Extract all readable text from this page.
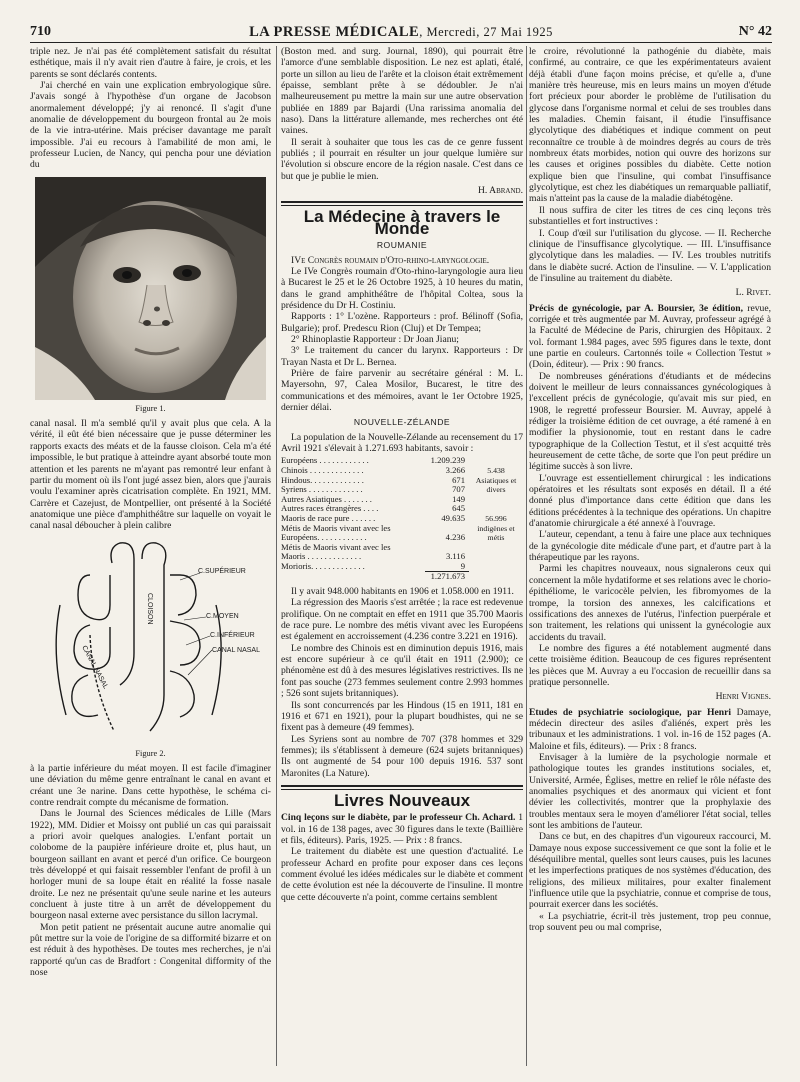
710	LA PRESSE MÉDICALE, Mercredi, 27 Mai 1925	N° 42

triple nez. Je n'ai pas été complètement satisfait du résultat esthétique, mais il n'y avait rien d'autre à faire, je crois, et les parents se sont déclarés contents.

J'ai cherché en vain une explication embryologique sûre. J'avais songé à l'hypothèse d'un organe de Jacobson anormalement développé; j'y ai renoncé. Il s'agit d'une anomalie de développement du bourgeon frontal au 2e mois de la vie intra-utérine. Mais préciser davantage me paraît impossible. J'ai eu recours à l'amabilité de mon ami, le professeur Lucien, de Nancy, qui pencha pour une déviation du

Figure 1.

canal nasal. Il m'a semblé qu'il y avait plus que cela. A la vérité, il eût été bien nécessaire que je pusse déterminer les rapports exacts des méats et de la fausse cloison. Cela m'a été impossible, le but pratique à atteindre ayant absorbé toute mon attention et les parents ne m'ayant pas remontré leur enfant à partir du moment où ils l'ont jugé assez bien, alors que j'aurais voulu l'examiner après cicatrisation complète. En 1921, MM. Carrère et Cazejust, de Montpellier, ont présenté à la Société anatomique une pièce d'amphithéâtre sur laquelle on voyait le canal nasal déboucher à plein calibre

C.SUPÉRIEUR
C.MOYEN
C.INFÉRIEUR
CANAL NASAL
CLOISON
CANAL NASAL
Figure 2.

à la partie inférieure du méat moyen. Il est facile d'imaginer une déviation du même genre entraînant le canal en avant et créant une 3e narine. Dans cette hypothèse, le schéma ci-contre rendrait compte du mécanisme de formation.

Dans le Journal des Sciences médicales de Lille (Mars 1922), MM. Didier et Moissy ont publié un cas qui paraissait a priori avoir quelques analogies. L'enfant portait un colobome de la paupière inférieure droite et, plus haut, un bourgeon saillant en avant et percé d'un orifice. Ce bourgeon très développé et qui faisait ressembler l'enfant de profil à un horloger muni de sa loupe était en réalité la fosse nasale droite. Le nez ne présentait qu'une seule narine et les auteurs concluent à juste titre à un arrêt de développement du bourgeon nasal externe avec persistance du sillon lacrymal.

Mon petit patient ne présentait aucune autre anomalie qui pût mettre sur la voie de l'origine de sa difformité bizarre et on est réduit à des hypothèses. De toutes mes recherches, je n'ai rapporté qu'un cas de Bradfort : Congenital difformity of the nose

(Boston med. and surg. Journal, 1890), qui pourrait être l'amorce d'une semblable disposition. Le nez est aplati, étalé, porte un sillon au lieu de l'arête et la cloison était extrêmement épaisse, semblant prête à se dédoubler. Je n'ai malheureusement pu mettre la main sur une autre observation publiée en 1889 par Bajardi (Una rarissima anomalia del naso). Dans la littérature allemande, mes recherches ont été vaines.

Il serait à souhaiter que tous les cas de ce genre fussent publiés ; il pourrait en résulter un jour quelque lumière sur l'évolution si obscure encore de la région nasale. C'est dans ce but que je publie le mien.

H. Abrand.
La Médecine à travers le Monde
ROUMANIE

IVe Congrès roumain d'Oto-rhino-laryngologie.

Le IVe Congrès roumain d'Oto-rhino-laryngologie aura lieu à Bucarest le 25 et le 26 Octobre 1925, à 10 heures du matin, dans le grand amphithéâtre de l'hôpital Coltea, sous la présidence du Dr H. Costiniu.

Rapports : 1° L'ozène. Rapporteurs : prof. Bélinoff (Sofia, Bulgarie); prof. Predescu Rion (Cluj) et Dr Tempea;

2° Rhinoplastie Rapporteur : Dr Joan Jianu;

3° Le traitement du cancer du larynx. Rapporteurs : Dr Trayan Nasta et Dr L. Bernea.

Prière de faire parvenir au secrétaire général : M. L. Mayersohn, 97, Calea Mosilor, Bucarest, le titre des communications et des mémoires, avant le 1er Octobre 1925, dernier délai.

NOUVELLE-ZÉLANDE

La population de la Nouvelle-Zélande au recensement du 17 Avril 1921 s'élevait à 1.271.693 habitants, savoir :

Européens . . . . . . . . . . . .	1.209.239	
Chinois . . . . . . . . . . . . .	3.266	5.438
Asiatiques et divers

Hindous. . . . . . . . . . . . .	671	
Syriens . . . . . . . . . . . . .	707	
Autres Asiatiques . . . . . . .	149	
Autres races étrangères . . . .	645	
Maoris de race pure . . . . . .	49.635	56.996
indigènes et métis

Métis de Maoris vivant avec les		
Européens. . . . . . . . . . . .	4.236	
Métis de Maoris vivant avec les		
Maoris . . . . . . . . . . . . .	3.116	
Morioris. . . . . . . . . . . . .	9	
	1.271.673	

Il y avait 948.000 habitants en 1906 et 1.058.000 en 1911.

La régression des Maoris s'est arrêtée ; la race est redevenue prolifique. On ne comptait en effet en 1911 que 35.700 Maoris de race pure. Le nombre des métis vivant avec les Européens est également en accroissement (4.236 contre 3.221 en 1916).

Le nombre des Chinois est en diminution depuis 1916, mais est encore supérieur à ce qu'il était en 1911 (2.900); ce phénomène est dû à des mesures législatives restrictives. Ils ne font pas souche (273 femmes seulement contre 2.993 hommes ; 526 sont sujets britanniques).

Ils sont concurrencés par les Hindous (15 en 1911, 181 en 1916 et 671 en 1921), pour la plupart boudhistes, qui ne se fixent pas à demeure (49 femmes).

Les Syriens sont au nombre de 707 (378 hommes et 329 femmes); ils s'établissent à demeure (624 sujets britanniques) Ils ont augmenté de 54 pour 100 depuis 1916. 537 sont Maronites (La Nature).

Livres Nouveaux

Cinq leçons sur le diabète, par le professeur Ch. Achard. 1 vol. in 16 de 138 pages, avec 30 figures dans le texte (Baillière et fils, éditeurs). Paris, 1925. — Prix : 8 francs.

Le traitement du diabète est une question d'actualité. Le professeur Achard en profite pour exposer dans ces leçons comment évolué les idées médicales sur le diabète et comment de cette évolution est née la découverte de l'insuline. Il montre que cette découverte n'a point, comme certains semblent

le croire, révolutionné la pathogénie du diabète, mais confirmé, au contraire, ce que les expérimentateurs avaient déjà établi d'une façon moins précise, et qu'elle a, d'une manière très heureuse, mis en leurs mains un moyen d'étude fort précieux pour aborder le problème de l'utilisation du glycose dans l'organisme normal et celui de ses troubles dans les maladies. Chemin faisant, il étudie l'insuffisance glycolytique des diabétiques et indique comment on peut reconnaître ce trouble à de moindres degrés au cours de très nombreux états morbides, notion qui ouvre des horizons sur les causes et origines possibles du diabète. Cette notion explique bien que l'insuline, qui combat l'insuffisance glycolytique, est chez les diabétiques un remarquable palliatif, mais n'atteint pas la cause de la maladie diabétogène.

Il nous suffira de citer les titres de ces cinq leçons très substantielles et fort instructives :

I. Coup d'œil sur l'utilisation du glycose. — II. Recherche clinique de l'insuffisance glycolytique. — III. L'insuffisance glycolytique dans les maladies. — IV. Les troubles nutritifs dans le diabète sucré. Action de l'insuline. — V. L'application de l'insuline au traitement du diabète.

L. Rivet.

Précis de gynécologie, par A. Boursier, 3e édition, revue, corrigée et très augmentée par M. Auvray, professeur agrégé à la Faculté de Médecine de Paris, chirurgien des Hôpitaux. 2 vol. formant 1.984 pages, avec 595 figures dans le texte, dont une partie en couleurs. Cartonnés toile « Collection Testut » (Doin, éditeur). — Prix : 90 francs.

De nombreuses générations d'étudiants et de médecins doivent le meilleur de leurs connaissances gynécologiques à l'excellent précis de gynécologie, qu'avait mis sur pied, en 1908, le regretté professeur Boursier. M. Auvray, appelé à rédiger la troisième édition de cet ouvrage, a été ramené à en modifier la physionomie, tout en restant dans le cadre typographique de la Collection Testut, et il s'est acquitté très heureusement de cette tâche, de sorte que l'on peut prédire un légitime succès à son livre.

L'ouvrage est essentiellement chirurgical : les indications opératoires et les résultats sont exposés en détail. Il a été donné plus d'importance dans cette édition que dans les éditions précédentes à la technique des opérations. Un chapitre d'anatomie chirurgicale a été annexé à l'ouvrage.

L'auteur, cependant, a tenu à faire une place aux techniques de la gynécologie dite médicale d'une part, et d'autre part à la thérapeutique par les rayons.

Parmi les chapitres nouveaux, nous signalerons ceux qui concernent la môle hydatiforme et ses relations avec le chorio-épithéliome, le varicocèle pelvien, les fibromyomes de la trompe, la torsion des annexes, les calcifications et ossifications des annexes de l'utérus, l'infection puerpérale et son traitement, les relations qui unissent la gynécologie aux accidents du travail.

Le nombre des figures a été notablement augmenté dans cette troisième édition. Beaucoup de ces figures représentent les pièces que M. Auvray a eu l'occasion de recueillir dans sa pratique personnelle.

Henri Vignes.

Etudes de psychiatrie sociologique, par Henri Damaye, médecin directeur des asiles d'aliénés, expert près les tribunaux et les administrations. 1 vol. in-16 de 152 pages (A. Maloine et fils, éditeurs). — Prix : 8 francs.

Envisager à la lumière de la psychologie normale et pathologique toutes les grandes institutions sociales, et, Université, Armée, Églises, mettre en relief le rôle néfaste des anomalies psychiques et des anormaux qui vicient et font dévier les collectivités, montrer que la prophylaxie des troubles mentaux sera le moyen d'améliorer l'état social, telles sont les ambitions de l'auteur.

Dans ce but, en des chapitres d'un vigoureux raccourci, M. Damaye nous expose successivement ce que sont la folie et le déséquilibre mental, quelles sont leurs causes, puis les lacunes et les imperfections pratiques de nos systèmes d'éducation, des religions, des milieux militaires, pour exalter finalement l'influence utile que la psychiatrie, connue et comprise de tous, pourrait exercer dans les sociétés.

« La psychiatrie, écrit-il très justement, trop peu connue, trop souvent peu ou mal comprise,
